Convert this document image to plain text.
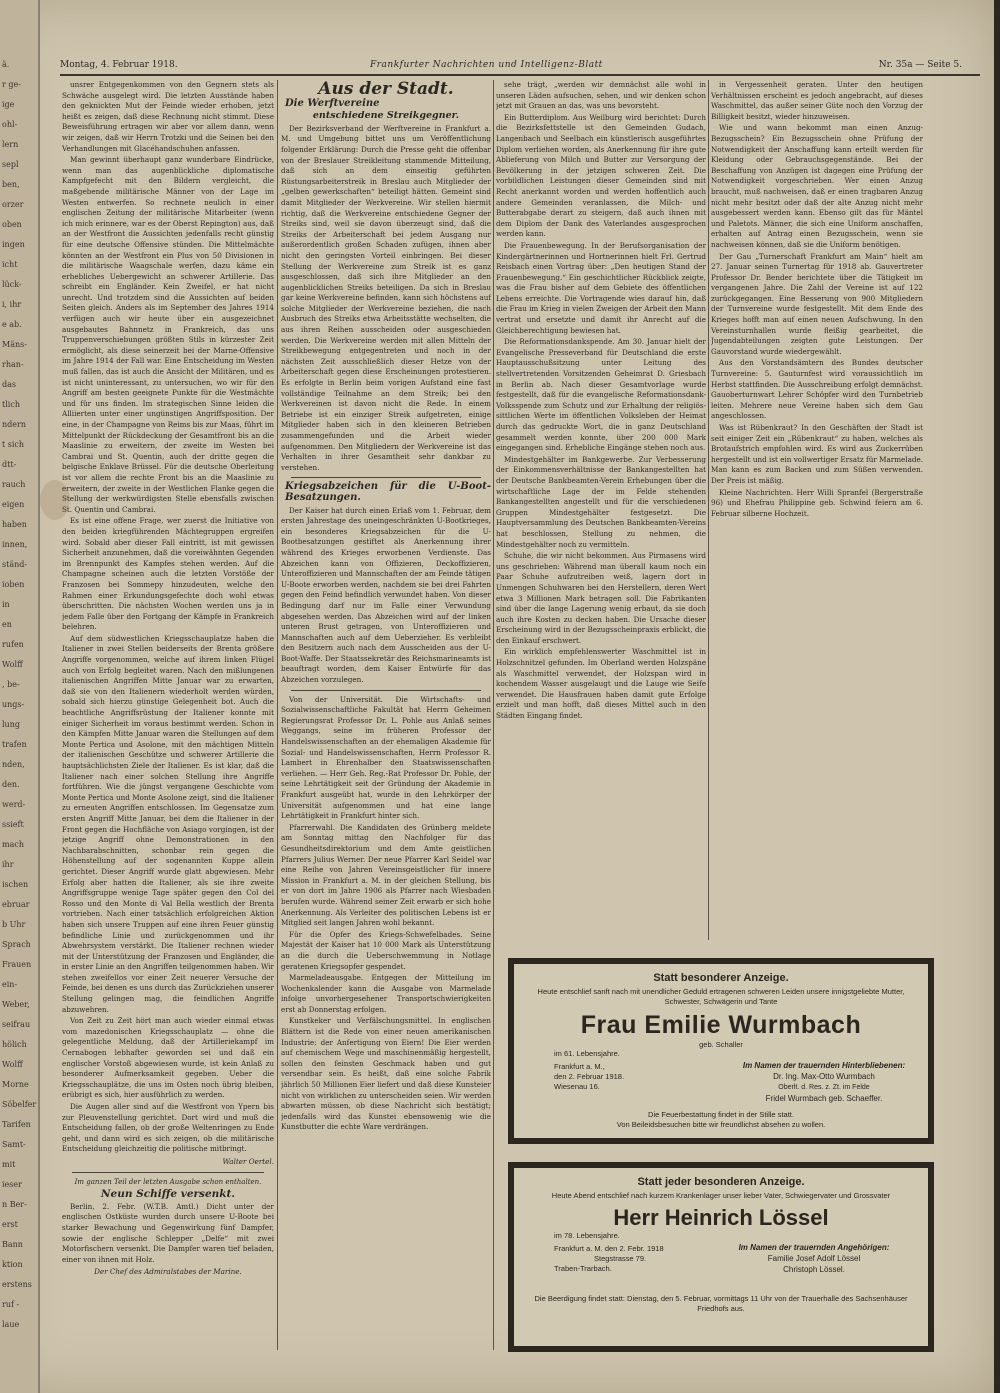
ä.
r ge-
ige
ohl-
lern
sepl
ben,
orzer
oben
ingen
icht
lück-
i, ihr
e ab.
Mäns-
rhan-
das
tlich
ndern
t sich
dtt-
rauch
eigen
haben
innen,
ständ-
ioben
in
en
rufen
Wolff
, be-
ungs-
lung
trafen
nden,
den.
werd-
ssieft
mach
ihr
ischen
ebruar
b Uhr
Sprach
Frauen
ein-
Weber,
seifrau
hölich
Wolff
Morne
Söbelfer
Tarifen
Samt-
mit
ieser
n Ber-
erst
Bann
ktion
erstens
ruf -
laue
Montag, 4. Februar 1918.	Frankfurter Nachrichten und Intelligenz-Blatt	Nr. 35a — Seite 5.

unsrer Entgegenkommen von den Gegnern stets als Schwäche ausgelegt wird. Die letzten Ausstände haben den geknickten Mut der Feinde wieder erhoben, jetzt heißt es zeigen, daß diese Rechnung nicht stimmt. Diese Beweisführung ertragen wir aber vor allem dann, wenn wir zeigen, daß wir Herrn Trotzki und die Seinen bei den Verhandlungen mit Glacéhandschuhen anfassen.

Man gewinnt überhaupt ganz wunderbare Eindrücke, wenn man das augenblickliche diplomatische Kampfgefecht mit den Bildern vergleicht, die maßgebende militärische Männer von der Lage im Westen entwerfen. So rechnete neulich in einer englischen Zeitung der militärische Mitarbeiter (wenn ich mich erinnere, war es der Oberst Repington) aus, daß an der Westfront die Aussichten jedenfalls recht günstig für eine deutsche Offensive stünden. Die Mittelmächte könnten an der Westfront ein Plus von 50 Divisionen in die militärische Waagschale werfen, dazu käme ein erhebliches Uebergewicht an schwerer Artillerie. Das schreibt ein Engländer. Kein Zweifel, er hat nicht unrecht. Und trotzdem sind die Aussichten auf beiden Seiten gleich. Anders als im September des Jahres 1914 verfügen auch wir heute über ein ausgezeichnet ausgebautes Bahnnetz in Frankreich, das uns Truppenverschiebungen größten Stils in kürzester Zeit ermöglicht, als diese seinerzeit bei der Marne-Offensive im Jahre 1914 der Fall war. Eine Entscheidung im Westen muß fallen, das ist auch die Ansicht der Militären, und es ist nicht uninteressant, zu untersuchen, wo wir für den Angriff am besten geeignete Punkte für die Westmächte und für uns finden. Im strategischen Sinne leiden die Alliierten unter einer ungünstigen Angriffsposition. Der eine, in der Champagne von Reims bis zur Maas, führt im Mittelpunkt der Rückdeckung der Gesamtfront bis an die Maaslinie zu erweitern, der zweite im Westen bei Cambrai und St. Quentin, auch der dritte gegen die belgische Enklave Brüssel. Für die deutsche Oberleitung ist vor allem die rechte Front bis an die Maaslinie zu erweitern, der zweite in der Westlichen Flanke gegen die Stellung der werkwürdigsten Stelle ebensfalls zwischen St. Quentin und Cambrai.

Es ist eine offene Frage, wer zuerst die Initiative von den beiden kriegführenden Mächtegruppen ergreifen wird. Sobald aber dieser Fall eintritt, ist mit gewissen Sicherheit anzunehmen, daß die voreiwähnten Gegenden im Brennpunkt des Kampfes stehen werden. Auf die Champagne scheinen auch die letzten Vorstöße der Franzosen bei Sommepy hinzudeuten, welche den Rahmen einer Erkundungsgefechte doch wohl etwas überschritten. Die nächsten Wochen werden uns ja in jedem Falle über den Fortgang der Kämpfe in Frankreich belehren.

Auf dem südwestlichen Kriegsschauplatze haben die Italiener in zwei Stellen beiderseits der Brenta größere Angriffe vorgenommen, welche auf ihrem linken Flügel auch von Erfolg begleitet waren. Nach den mißlungenen italienischen Angriffen Mitte Januar war zu erwarten, daß sie von den Italienern wiederholt werden würden, sobald sich hierzu günstige Gelegenheit bot. Auch die beachtliche Angriffsrüstung der Italiener konnte mit einiger Sicherheit im voraus bestimmt werden. Schon in den Kämpfen Mitte Januar waren die Stellungen auf dem Monte Pertica und Asolone, mit den mächtigen Mitteln der italienischen Geschütze und schwerer Artillerie die hauptsächlichsten Ziele der Italiener. Es ist klar, daß die Italiener nach einer solchen Stellung ihre Angriffe fortführen. Wie die jüngst vergangene Geschichte vom Monte Pertica und Monte Asolone zeigt, sind die Italiener zu erneuten Angriffen entschlossen. Im Gegensatze zum ersten Angriff Mitte Januar, bei dem die Italiener in der Front gegen die Hochfläche von Asiago vorgingen, ist der jetzige Angriff ohne Demonstrationen in den Nachbarabschnitten, schonbar rein gegen die Höhenstellung auf der sogenannten Kuppe allein gerichtet. Dieser Angriff wurde glatt abgewiesen. Mehr Erfolg aber hatten die Italiener, als sie ihre zweite Angriffsgruppe wenige Tage später gegen den Col del Rosso und den Monte di Val Bella westlich der Brenta vortrieben. Nach einer tatsächlich erfolgreichen Aktion haben sich unsere Truppen auf eine ihren Feuer günstig befindliche Linie und zurückgenommen und ihr Abwehrsystem verstärkt. Die Italiener rechnen wieder mit der Unterstützung der Franzosen und Engländer, die in erster Linie an den Angriffen teilgenommen haben. Wir stehen zweifellos vor einer Zeit neuerer Versuche der Feinde, bei denen es uns durch das Zurückziehen unserer Stellung gelingen mag, die feindlichen Angriffe abzuwehren.

Von Zeit zu Zeit hört man auch wieder einmal etwas vom mazedonischen Kriegsschauplatz — ohne die gelegentliche Meldung, daß der Artilleriekampf im Cernabogen lebhafter geworden sei und daß ein englischer Vorstoß abgewiesen wurde, ist kein Anlaß zu besonderer Aufmerksamkeit gegeben. Ueber die Kriegsschauplätze, die uns im Osten noch übrig bleiben, erübrigt es sich, hier ausführlich zu werden.

Die Augen aller sind auf die Westfront von Ypern bis zur Pleuvenstellung gerichtet. Dort wird und muß die Entscheidung fallen, ob der große Weltenringen zu Ende geht, und dann wird es sich zeigen, ob die militärische Entscheidung gleichzeitig die politische mitbringt.

Walter Oertel.
Im ganzen Teil der letzten Ausgabe schon enthalten.
Neun Schiffe versenkt.

Berlin, 2. Febr. (W.T.B. Amtl.) Dicht unter der englischen Ostküste wurden durch unsere U-Boote bei starker Bewachung und Gegenwirkung fünf Dampfer, sowie der englische Schlepper „Delfe“ mit zwei Motorfischern versenkt. Die Dampfer waren tief beladen, einer von ihnen mit Holz.

Der Chef des Admiralstabes der Marine.
Aus der Stadt.
Die Werftvereine
entschiedene Streikgegner.

Der Bezirksverband der Werftvereine in Frankfurt a. M. und Umgebung bittet uns um Veröffentlichung folgender Erklärung: Durch die Presse geht die offenbar von der Breslauer Streikleitung stammende Mitteilung, daß sich an dem einseitig geführten Rüstungsarbeiterstreik in Breslau auch Mitglieder der „gelben gewerkschaften“ beteiligt hätten. Gemeint sind damit Mitglieder der Werkvereine. Wir stellen hiermit richtig, daß die Werkvereine entschiedene Gegner der Streiks sind, weil sie davon überzeugt sind, daß die Streiks der Arbeiterschaft bei jedem Ausgang nur außerordentlich großen Schaden zufügen, ihnen aber nicht den geringsten Vorteil einbringen. Bei dieser Stellung der Werkvereine zum Streik ist es ganz ausgeschlossen, daß sich ihre Mitglieder an den augenblicklichen Streiks beteiligen. Da sich in Breslau gar keine Werkvereine befinden, kann sich höchstens auf solche Mitglieder der Werkvereine beziehen, die nach Ausbruch des Streiks etwa Arbeitsstätte wechselten, die aus ihren Reihen ausscheiden oder ausgeschieden werden. Die Werkvereine werden mit allen Mitteln der Streikbewegung entgegentreten und noch in der nächsten Zeit ausschließlich dieser Hetze von der Arbeiterschaft gegen diese Erscheinungen protestieren. Es erfolgte in Berlin beim vorigen Aufstand eine fast vollständige Teilnahme an dem Streik; bei den Werkvereinen ist davon nicht die Rede. In einem Betriebe ist ein einziger Streik aufgetreten, einige Mitglieder haben sich in den kleineren Betrieben zusammengefunden und die Arbeit wieder aufgenommen. Den Mitgliedern der Werkvereine ist das Verhalten in ihrer Gesamtheit sehr dankbar zu verstehen.

Kriegsabzeichen für die U-Boot-Besatzungen.

Der Kaiser hat durch einen Erlaß vom 1. Februar, dem ersten Jahrestage des uneingeschränkten U-Bootkrieges, ein besonderes Kriegsabzeichen für die U-Bootbesatzungen gestiftet als Anerkennung ihrer während des Krieges erworbenen Verdienste. Das Abzeichen kann von Offizieren, Deckoffizieren, Unteroffizieren und Mannschaften der am Feinde tätigen U-Boote erworben werden, nachdem sie bei drei Fahrten gegen den Feind befindlich verwundet haben. Von dieser Bedingung darf nur im Falle einer Verwundung abgesehen werden. Das Abzeichen wird auf der linken unteren Brust getragen, von Unteroffizieren und Mannschaften auch auf dem Ueberzieher. Es verbleibt den Besitzern auch nach dem Ausscheiden aus der U-Boot-Waffe. Der Staatssekretär des Reichsmarineamts ist beauftragt worden, dem Kaiser Entwürfe für das Abzeichen vorzulegen.

Von der Universität. Die Wirtschafts- und Sozialwissenschaftliche Fakultät hat Herrn Geheimen Regierungsrat Professor Dr. L. Pohle aus Anlaß seines Weggangs, seine im früheren Professor der Handelswissenschaften an der ehemaligen Akademie für Sozial- und Handelswissenschaften, Herrn Professor R. Lambert in Ehrenhalber den Staatswissenschaften verliehen. — Herr Geh. Reg.-Rat Professor Dr. Pohle, der seine Lehrtätigkeit seit der Gründung der Akademie in Frankfurt ausgeübt hat, wurde in den Lehrkörper der Universität aufgenommen und hat eine lange Lehrtätigkeit in Frankfurt hinter sich.

Pfarrerwahl. Die Kandidaten des Grünberg meldete am Sonntag mittag den Nachfolger für das Gesundheitsdirektorium und dem Amte geistlichen Pfarrers Julius Werner. Der neue Pfarrer Karl Seidel war eine Reihe von Jahren Vereinsgeistlicher für innere Mission in Frankfurt a. M. in der gleichen Stellung, bis er von dort im Jahre 1906 als Pfarrer nach Wiesbaden berufen wurde. Während seiner Zeit erwarb er sich hohe Anerkennung. Als Verleiter des politischen Lebens ist er Mitglied seit langen Jahren wohl bekannt.

Für die Opfer des Kriegs-Schwefelbades. Seine Majestät der Kaiser hat 10 000 Mark als Unterstützung an die durch die Ueberschwemmung in Notlage geratenen Kriegsopfer gespendet.

Marmeladeausgabe. Entgegen der Mitteilung im Wochenkalender kann die Ausgabe von Marmelade infolge unvorhergesehener Transportschwierigkeiten erst ab Donnerstag erfolgen.

Kunstkeker und Verfälschungsmittel. In englischen Blättern ist die Rede von einer neuen amerikanischen Industrie: der Anfertigung von Eiern! Die Eier werden auf chemischem Wege und maschinenmäßig hergestellt, sollen den feinsten Geschmack haben und gut versendbar sein. Es heißt, daß eine solche Fabrik jährlich 50 Millionen Eier liefert und daß diese Kunsteier nicht von wirklichen zu unterscheiden seien. Wir werden abwarten müssen, ob diese Nachricht sich bestätigt; jedenfalls wird das Kunstei ebensowenig wie die Kunstbutter die echte Ware verdrängen.

sehe trägt, „werden wir demnächst alle wohl in unseren Läden aufsuchen, sehen, und wir denken schon jetzt mit Grauen an das, was uns bevorsteht.

Ein Butterdiplom. Aus Weilburg wird berichtet: Durch die Bezirksfettstelle ist den Gemeinden Gudach, Langenbach und Seelbach ein künstlerisch ausgeführtes Diplom verliehen worden, als Anerkennung für ihre gute Ablieferung von Milch und Butter zur Versorgung der Bevölkerung in der jetzigen schweren Zeit. Die vorbildlichen Leistungen dieser Gemeinden sind mit Recht anerkannt worden und werden hoffentlich auch andere Gemeinden veranlassen, die Milch- und Butterabgabe derart zu steigern, daß auch ihnen mit dem Diplom der Dank des Vaterlandes ausgesprochen werden kann.

Die Frauenbewegung. In der Berufsorganisation der Kindergärtnerinnen und Hortnerinnen hielt Frl. Gertrud Reisbach einen Vortrag über: „Den heutigen Stand der Frauenbewegung.“ Ein geschichtlicher Rückblick zeigte, was die Frau bisher auf dem Gebiete des öffentlichen Lebens erreichte. Die Vortragende wies darauf hin, daß die Frau im Krieg in vielen Zweigen der Arbeit den Mann vertrat und ersetzte und damit ihr Anrecht auf die Gleichberechtigung bewiesen hat.

Die Reformationsdankspende. Am 30. Januar hielt der Evangelische Presseverband für Deutschland die erste Hauptausschußsitzung unter Leitung des stellvertretenden Vorsitzenden Geheimrat D. Griesbach in Berlin ab. Nach dieser Gesamtvorlage wurde festgestellt, daß für die evangelische Reformationsdank-Volksspende zum Schutz und zur Erhaltung der religiös-sittlichen Werte im öffentlichen Volksleben der Heimat durch das gedruckte Wort, die in ganz Deutschland gesammelt werden konnte, über 200 000 Mark eingegangen sind. Erhebliche Eingänge stehen noch aus.

Mindestgehälter im Bankgewerbe. Zur Verbesserung der Einkommensverhältnisse der Bankangestellten hat der Deutsche Bankbeamten-Verein Erhebungen über die wirtschaftliche Lage der im Felde stehenden Bankangestellten angestellt und für die verschiedenen Gruppen Mindestgehälter festgesetzt. Die Hauptversammlung des Deutschen Bankbeamten-Vereins hat beschlossen, Stellung zu nehmen, die Mindestgehälter noch zu vermitteln.

Schuhe, die wir nicht bekommen. Aus Pirmasens wird uns geschrieben: Während man überall kaum noch ein Paar Schuhe aufzutreiben weiß, lagern dort in Unmengen Schuhwaren bei den Herstellern, deren Wert etwa 3 Millionen Mark betragen soll. Die Fabrikanten sind über die lange Lagerung wenig erbaut, da sie doch auch ihre Kosten zu decken haben. Die Ursache dieser Erscheinung wird in der Bezugsscheinpraxis erblickt, die den Einkauf erschwert.

Ein wirklich empfehlenswerter Waschmittel ist in Holzschnitzel gefunden. Im Oberland werden Holzspäne als Waschmittel verwendet, der Holzspan wird in kochendem Wasser ausgelaugt und die Lauge wie Seife verwendet. Die Hausfrauen haben damit gute Erfolge erzielt und man hofft, daß dieses Mittel auch in den Städten Eingang findet.

in Vergessenheit geraten. Unter den heutigen Verhältnissen erscheint es jedoch angebracht, auf dieses Waschmittel, das außer seiner Güte noch den Vorzug der Billigkeit besitzt, wieder hinzuweisen.

Wie und wann bekommt man einen Anzug-Bezugsschein? Ein Bezugsschein ohne Prüfung der Notwendigkeit der Anschaffung kann erteilt werden für Kleidung oder Gebrauchsgegenstände. Bei der Beschaffung von Anzügen ist dagegen eine Prüfung der Notwendigkeit vorgeschrieben. Wer einen Anzug braucht, muß nachweisen, daß er einen tragbaren Anzug nicht mehr besitzt oder daß der alte Anzug nicht mehr ausgebessert werden kann. Ebenso gilt das für Mäntel und Paletots. Männer, die sich eine Uniform anschaffen, erhalten auf Antrag einen Bezugsschein, wenn sie nachweisen können, daß sie die Uniform benötigen.

Der Gau „Turnerschaft Frankfurt am Main“ hielt am 27. Januar seinen Turnertag für 1918 ab. Gauvertreter Professor Dr. Bender berichtete über die Tätigkeit im vergangenen Jahre. Die Zahl der Vereine ist auf 122 zurückgegangen. Eine Besserung von 900 Mitgliedern der Turnvereine wurde festgestellt. Mit dem Ende des Krieges hofft man auf einen neuen Aufschwung. In den Vereinsturnhallen wurde fleißig gearbeitet, die Jugendabteilungen zeigten gute Leistungen. Der Gauvorstand wurde wiedergewählt.

Aus den Vorstandsämtern des Bundes deutscher Turnvereine: 5. Gauturnfest wird voraussichtlich im Herbst stattfinden. Die Ausschreibung erfolgt demnächst. Gauoberturnwart Lehrer Schöpfer wird den Turnbetrieb leiten. Mehrere neue Vereine haben sich dem Gau angeschlossen.

Was ist Rübenkraut? In den Geschäften der Stadt ist seit einiger Zeit ein „Rübenkraut“ zu haben, welches als Brotaufstrich empfohlen wird. Es wird aus Zuckerrüben hergestellt und ist ein vollwertiger Ersatz für Marmelade. Man kann es zum Backen und zum Süßen verwenden. Der Preis ist mäßig.

Kleine Nachrichten. Herr Willi Spranfel (Bergerstraße 96) und Ehefrau Philippine geb. Schwind feiern am 6. Februar silberne Hochzeit.

Statt besonderer Anzeige.
Heute entschlief sanft nach mit unendlicher Geduld ertragenen schweren Leiden unsere innigstgeliebte Mutter, Schwester, Schwägerin und Tante
Frau Emilie Wurmbach
geb. Schaller
im 61. Lebensjahre.
Frankfurt a. M.,
den 2. Februar 1918.
Wiesenau 16.
Im Namen der trauernden Hinterbliebenen:
Dr. Ing. Max-Otto Wurmbach
Oberlt. d. Res. z. Zt. im Felde
Fridel Wurmbach geb. Schaeffer.
Die Feuerbestattung findet in der Stille statt.
Von Beileidsbesuchen bitte wir freundlichst absehen zu wollen.
Statt jeder besonderen Anzeige.
Heute Abend entschlief nach kurzem Krankenlager unser lieber Vater, Schwiegervater und Grossvater
Herr Heinrich Lössel
im 78. Lebensjahre.
Frankfurt a. M. den 2. Febr. 1918
Stegstrasse 79.
Traben-Trarbach.
Im Namen der trauernden Angehörigen:
Familie Josef Adolf Lössel
Christoph Lössel.
Die Beerdigung findet statt: Dienstag, den 5. Februar, vormittags 11 Uhr von der Trauerhalle des Sachsenhäuser Friedhofs aus.
